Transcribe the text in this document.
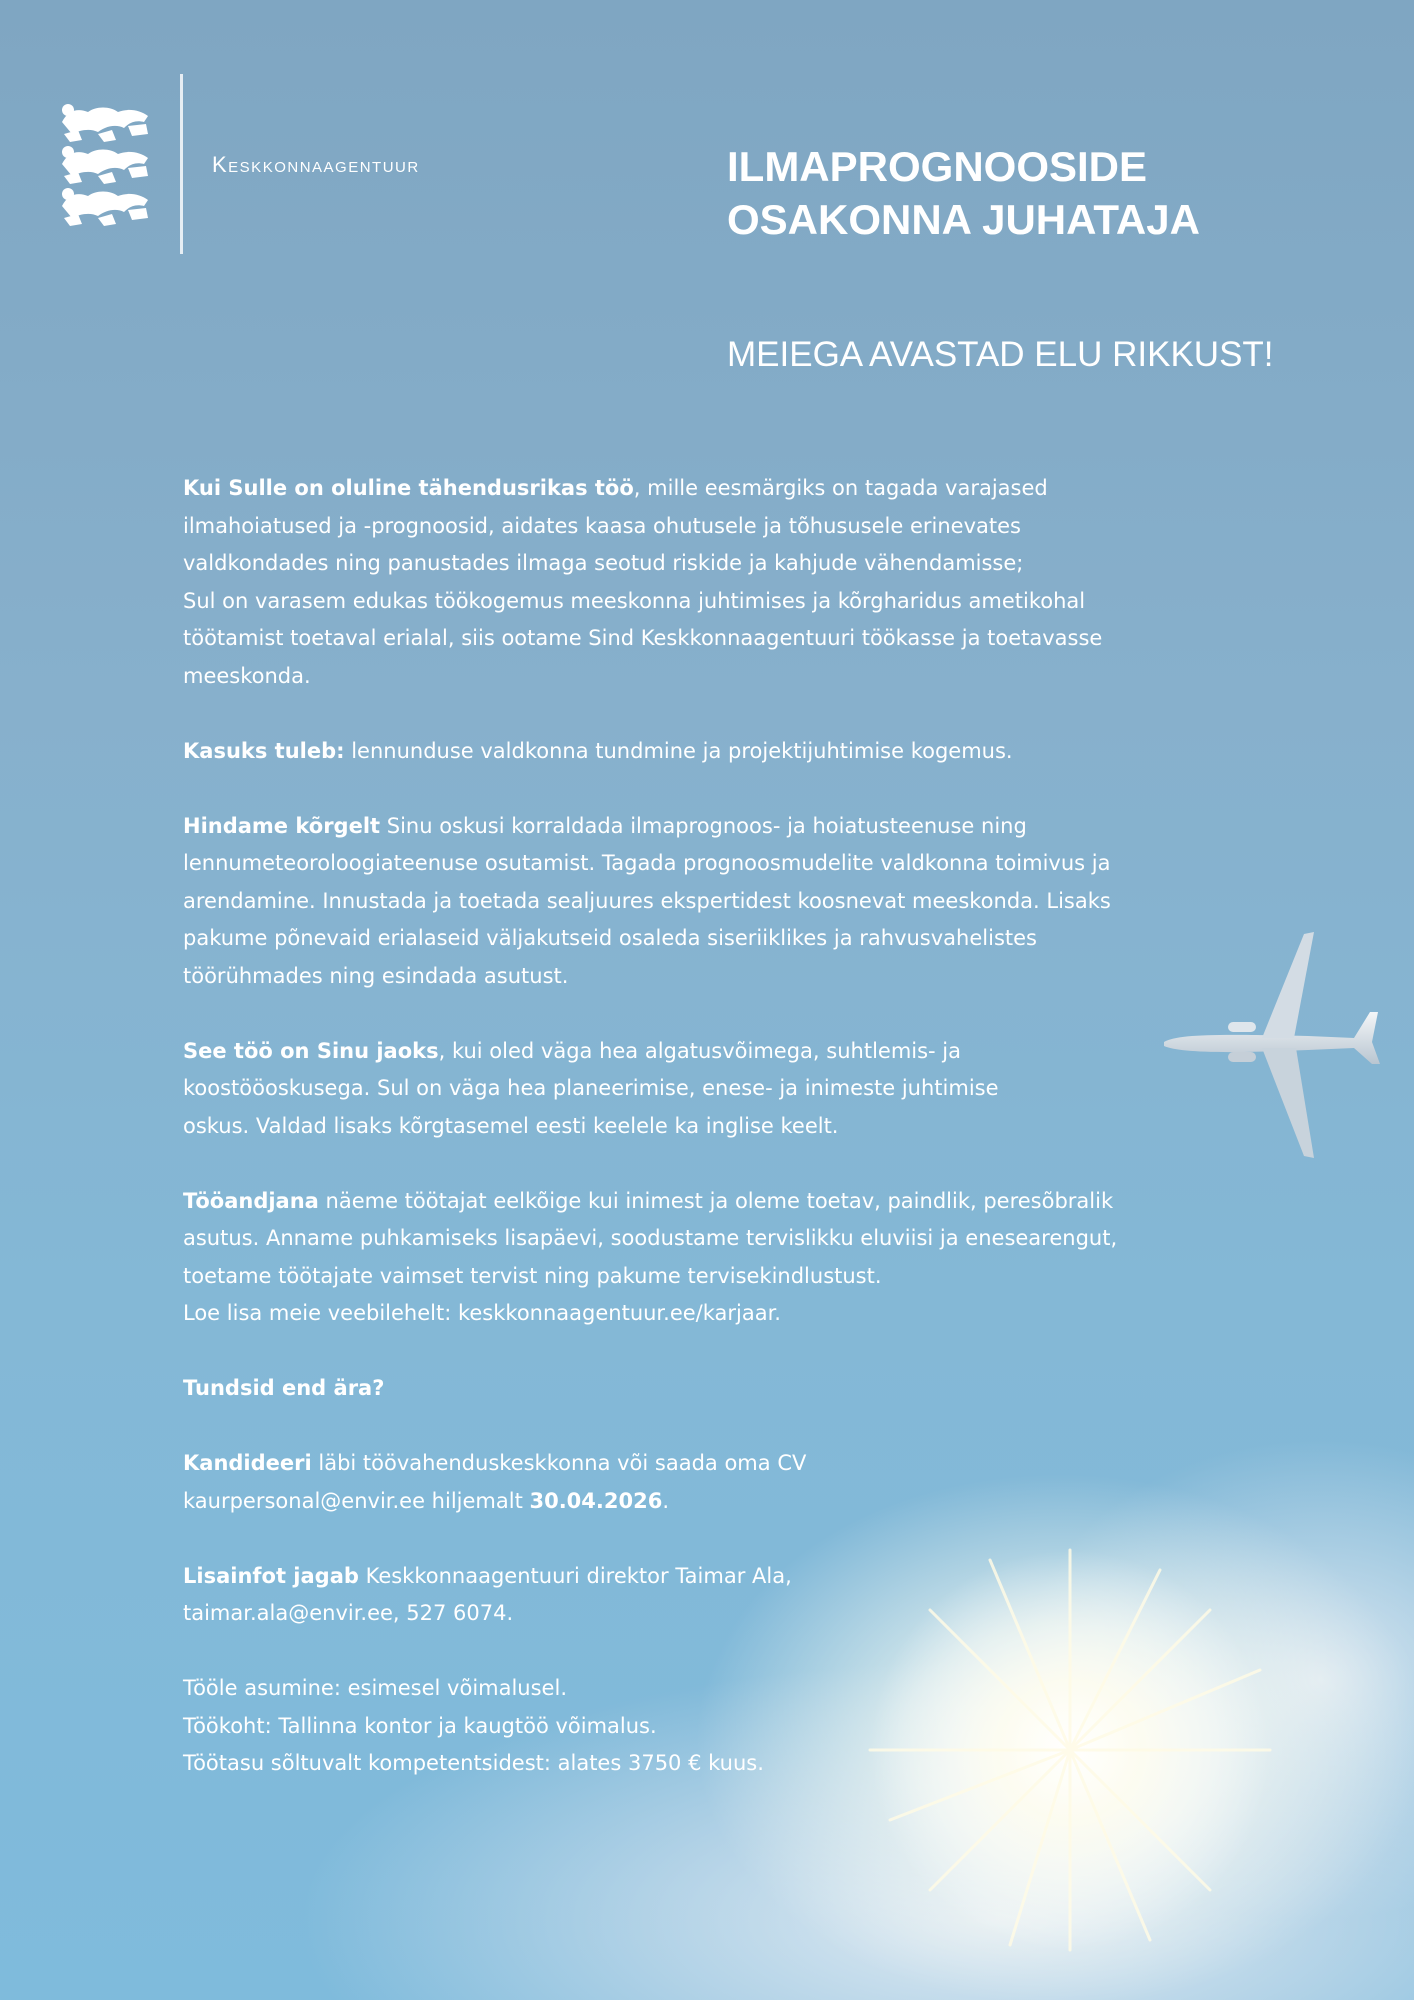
Keskkonnaagentuur	ILMAPROGNOOSIDE
OSAKONNA JUHATAJA
MEIEGA AVASTAD ELU RIKKUST!

Kui Sulle on oluline tähendusrikas töö, mille eesmärgiks on tagada varajased
ilmahoiatused ja -prognoosid, aidates kaasa ohutusele ja tõhususele erinevates
valdkondades ning panustades ilmaga seotud riskide ja kahjude vähendamisse;
Sul on varasem edukas töökogemus meeskonna juhtimises ja kõrgharidus ametikohal
töötamist toetaval erialal, siis ootame Sind Keskkonnaagentuuri töökasse ja toetavasse
meeskonda.

Kasuks tuleb: lennunduse valdkonna tundmine ja projektijuhtimise kogemus.

Hindame kõrgelt Sinu oskusi korraldada ilmaprognoos- ja hoiatusteenuse ning
lennumeteoroloogiateenuse osutamist. Tagada prognoosmudelite valdkonna toimivus ja
arendamine. Innustada ja toetada sealjuures ekspertidest koosnevat meeskonda. Lisaks
pakume põnevaid erialaseid väljakutseid osaleda siseriiklikes ja rahvusvahelistes
töörühmades ning esindada asutust.

See töö on Sinu jaoks, kui oled väga hea algatusvõimega, suhtlemis- ja
koostööoskusega. Sul on väga hea planeerimise, enese- ja inimeste juhtimise
oskus. Valdad lisaks kõrgtasemel eesti keelele ka inglise keelt.

Tööandjana näeme töötajat eelkõige kui inimest ja oleme toetav, paindlik, peresõbralik
asutus. Anname puhkamiseks lisapäevi, soodustame tervislikku eluviisi ja enesearengut,
toetame töötajate vaimset tervist ning pakume tervisekindlustust.
Loe lisa meie veebilehelt: keskkonnaagentuur.ee/karjaar.

Tundsid end ära?

Kandideeri läbi töövahenduskeskkonna või saada oma CV
kaurpersonal@envir.ee hiljemalt 30.04.2026.

Lisainfot jagab Keskkonnaagentuuri direktor Taimar Ala,
taimar.ala@envir.ee, 527 6074.

Tööle asumine: esimesel võimalusel.
Töökoht: Tallinna kontor ja kaugtöö võimalus.
Töötasu sõltuvalt kompetentsidest: alates 3750 € kuus.
